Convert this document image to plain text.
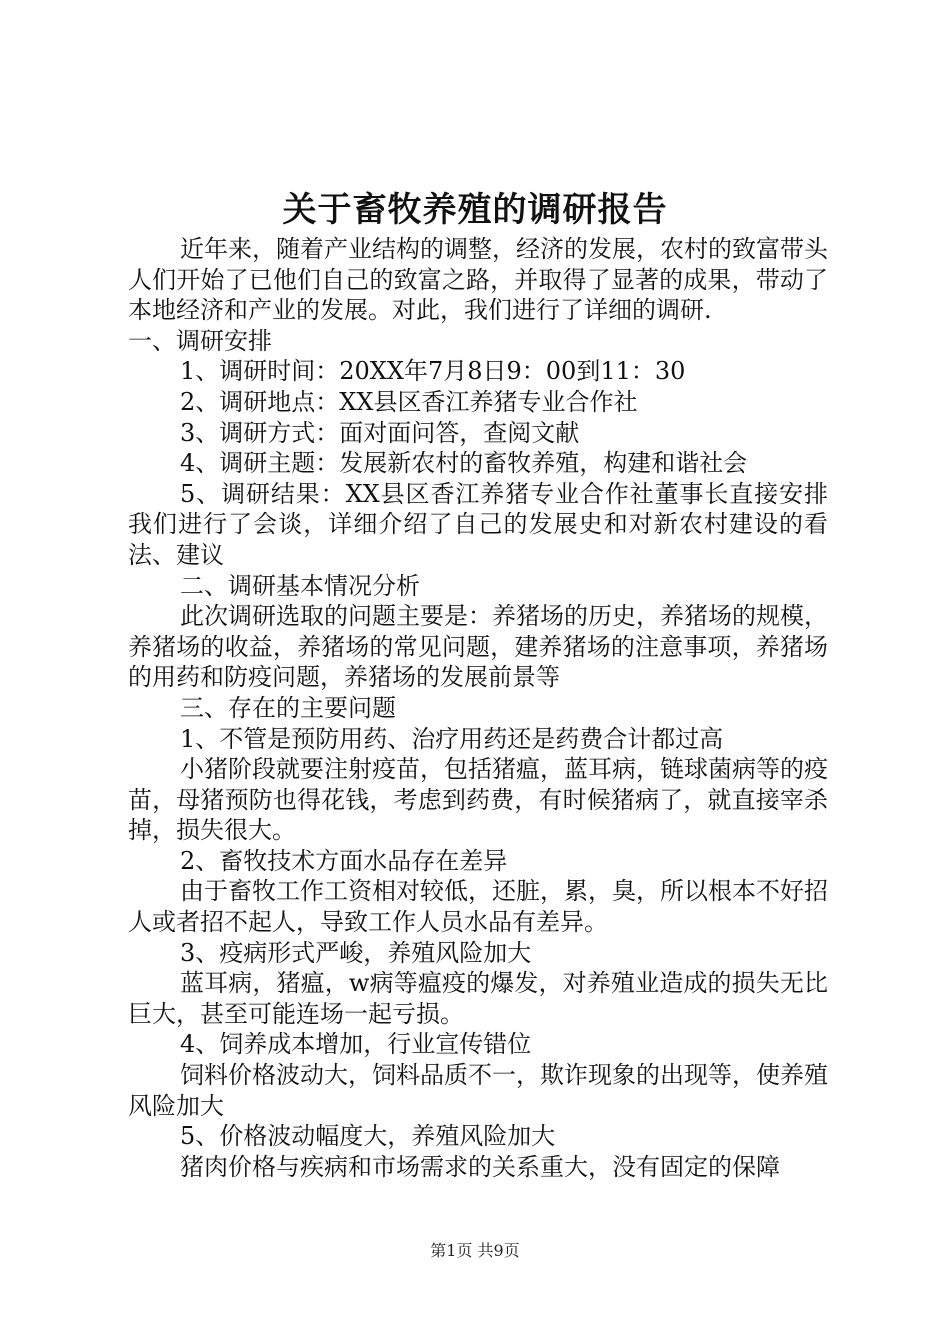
关于畜牧养殖的调研报告

近年来，随着产业结构的调整，经济的发展，农村的致富带头人们开始了已他们自己的致富之路，并取得了显著的成果，带动了本地经济和产业的发展。对此，我们进行了详细的调研.

一、调研安排

1、调研时间：20XX年7月8日9：00到11：30

2、调研地点：XX县区香江养猪专业合作社

3、调研方式：面对面问答，查阅文献

4、调研主题：发展新农村的畜牧养殖，构建和谐社会

5、调研结果：XX县区香江养猪专业合作社董事长直接安排我们进行了会谈，详细介绍了自己的发展史和对新农村建设的看法、建议

二、调研基本情况分析

此次调研选取的问题主要是：养猪场的历史，养猪场的规模，养猪场的收益，养猪场的常见问题，建养猪场的注意事项，养猪场的用药和防疫问题，养猪场的发展前景等

三、存在的主要问题

1、不管是预防用药、治疗用药还是药费合计都过高

小猪阶段就要注射疫苗，包括猪瘟，蓝耳病，链球菌病等的疫苗，母猪预防也得花钱，考虑到药费，有时候猪病了，就直接宰杀掉，损失很大。

2、畜牧技术方面水品存在差异

由于畜牧工作工资相对较低，还脏，累，臭，所以根本不好招人或者招不起人，导致工作人员水品有差异。

3、疫病形式严峻，养殖风险加大

蓝耳病，猪瘟，w病等瘟疫的爆发，对养殖业造成的损失无比巨大，甚至可能连场一起亏损。

4、饲养成本增加，行业宣传错位

饲料价格波动大，饲料品质不一，欺诈现象的出现等，使养殖风险加大

5、价格波动幅度大，养殖风险加大

猪肉价格与疾病和市场需求的关系重大，没有固定的保障

第1页 共9页
